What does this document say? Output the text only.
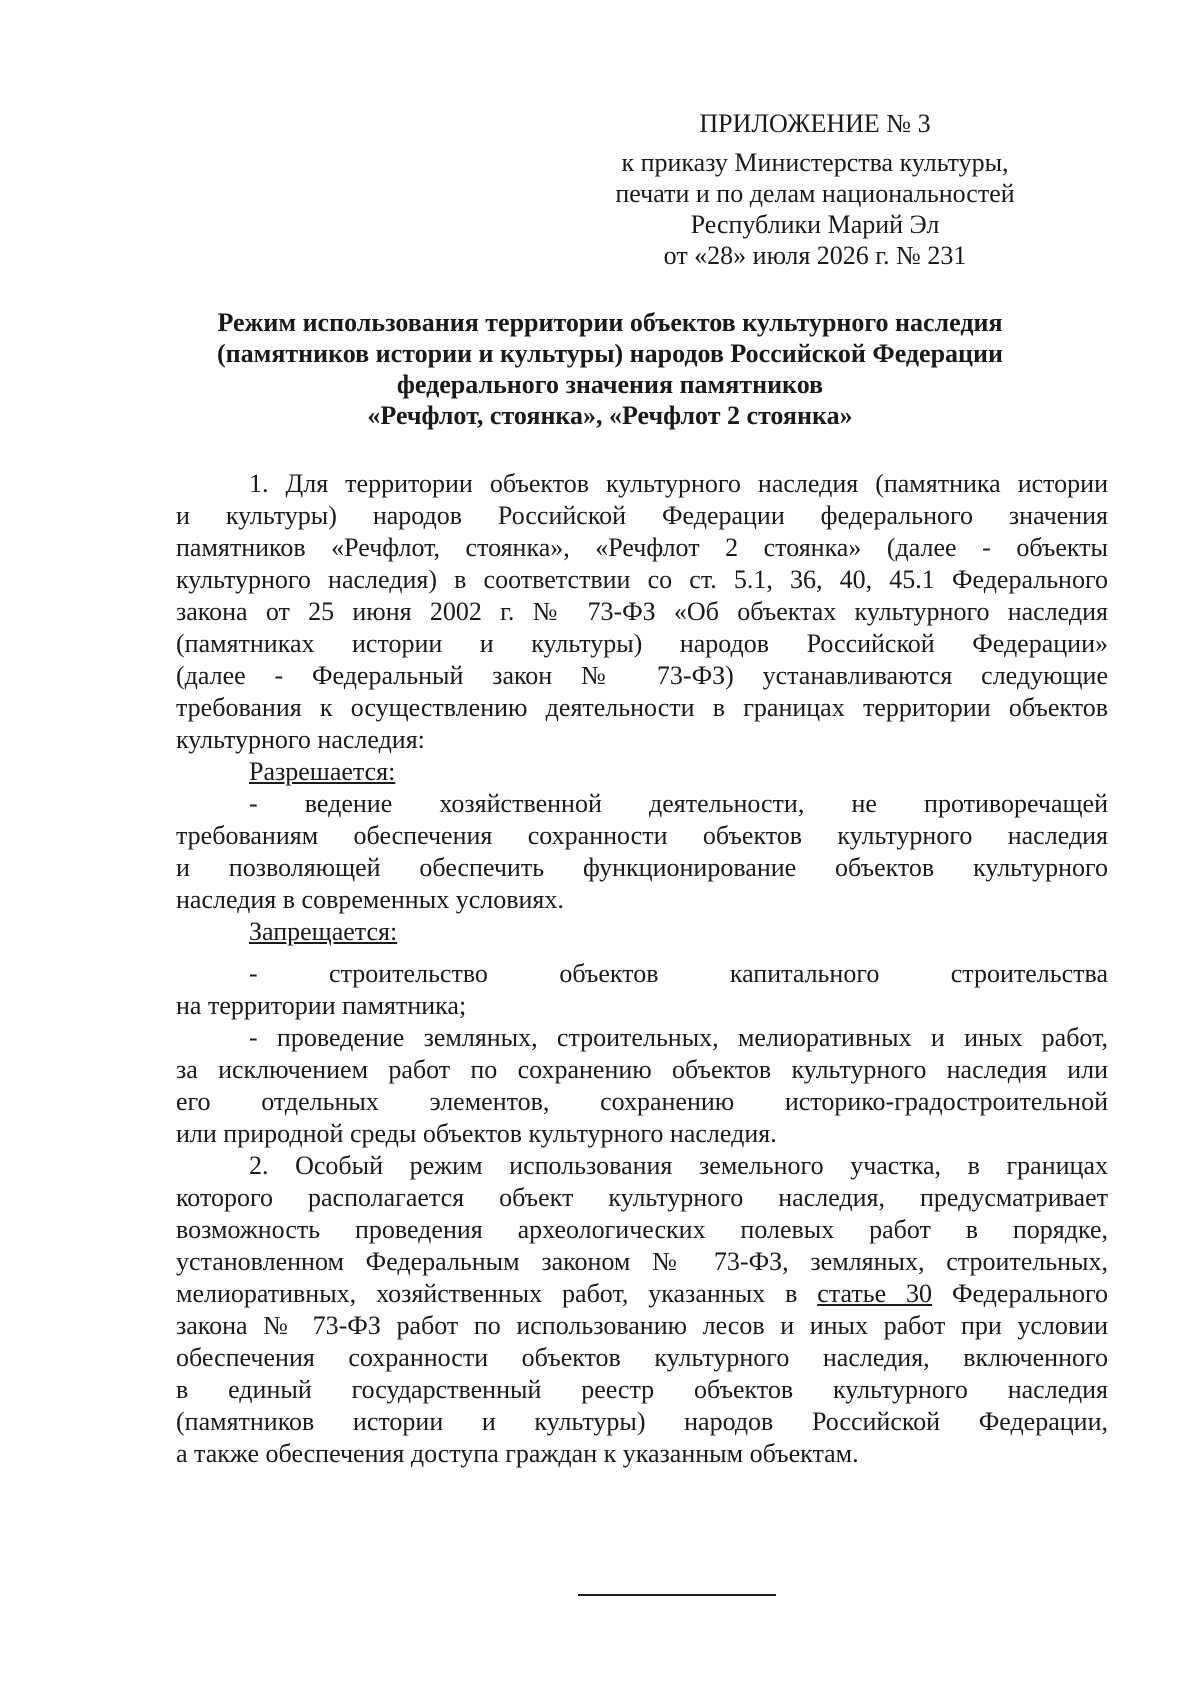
ПРИЛОЖЕНИЕ № 3
к приказу Министерства культуры,
печати и по делам национальностей
Республики Марий Эл
от «28» июля 2026 г. № 231
Режим использования территории объектов культурного наследия
(памятников истории и культуры) народов Российской Федерации
федерального значения памятников
«Речфлот, стоянка», «Речфлот 2 стоянка»
1. Для территории объектов культурного наследия (памятника истории
и культуры) народов Российской Федерации федерального значения
памятников «Речфлот, стоянка», «Речфлот 2 стоянка» (далее - объекты
культурного наследия) в соответствии со ст. 5.1, 36, 40, 45.1 Федерального
закона от 25 июня 2002 г. № 73-ФЗ «Об объектах культурного наследия
(памятниках истории и культуры) народов Российской Федерации»
(далее - Федеральный закон № 73-ФЗ) устанавливаются следующие
требования к осуществлению деятельности в границах территории объектов
культурного наследия:
Разрешается:
- ведение хозяйственной деятельности, не противоречащей
требованиям обеспечения сохранности объектов культурного наследия
и позволяющей обеспечить функционирование объектов культурного
наследия в современных условиях.
Запрещается:
- строительство объектов капитального строительства
на территории памятника;
- проведение земляных, строительных, мелиоративных и иных работ,
за исключением работ по сохранению объектов культурного наследия или
его отдельных элементов, сохранению историко-градостроительной
или природной среды объектов культурного наследия.
2. Особый режим использования земельного участка, в границах
которого располагается объект культурного наследия, предусматривает
возможность проведения археологических полевых работ в порядке,
установленном Федеральным законом № 73-ФЗ, земляных, строительных,
мелиоративных, хозяйственных работ, указанных в статье 30 Федерального
закона № 73-ФЗ работ по использованию лесов и иных работ при условии
обеспечения сохранности объектов культурного наследия, включенного
в единый государственный реестр объектов культурного наследия
(памятников истории и культуры) народов Российской Федерации,
а также обеспечения доступа граждан к указанным объектам.
